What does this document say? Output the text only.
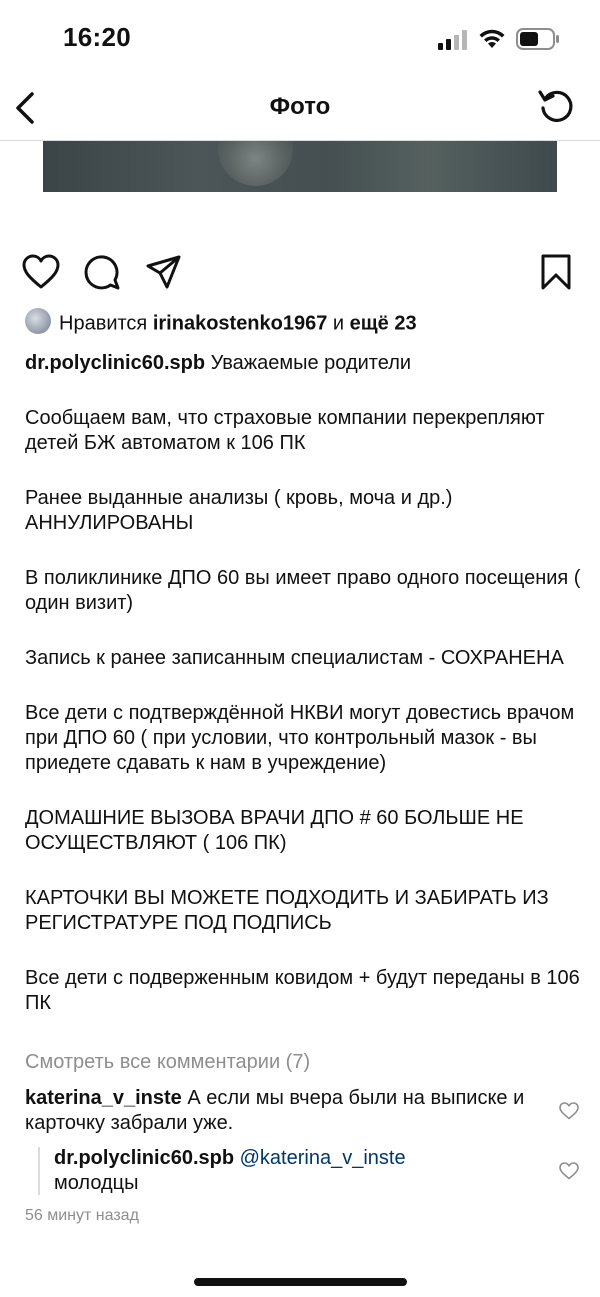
16:20
Фото
Нравится irinakostenko1967 и ещё 23

dr.polyclinic60.spb Уважаемые родители

Сообщаем вам, что страховые компании перекрепляют детей БЖ автоматом к 106 ПК

Ранее выданные анализы ( кровь, моча и др.) АННУЛИРОВАНЫ

В поликлинике ДПО 60 вы имеет право одного посещения ( один визит)

Запись к ранее записанным специалистам - СОХРАНЕНА

Все дети с подтверждённой НКВИ могут довестись врачом при ДПО 60 ( при условии, что контрольный мазок - вы приедете сдавать к нам в учреждение)

ДОМАШНИЕ ВЫЗОВА ВРАЧИ ДПО # 60 БОЛЬШЕ НЕ ОСУЩЕСТВЛЯЮТ ( 106 ПК)

КАРТОЧКИ ВЫ МОЖЕТЕ ПОДХОДИТЬ И ЗАБИРАТЬ ИЗ РЕГИСТРАТУРЕ ПОД ПОДПИСЬ

Все дети с подверженным ковидом + будут переданы в 106 ПК

Смотреть все комментарии (7)
katerina_v_inste А если мы вчера были на выписке и карточку забрали уже.
dr.polyclinic60.spb @katerina_v_inste
молодцы
56 минут назад
